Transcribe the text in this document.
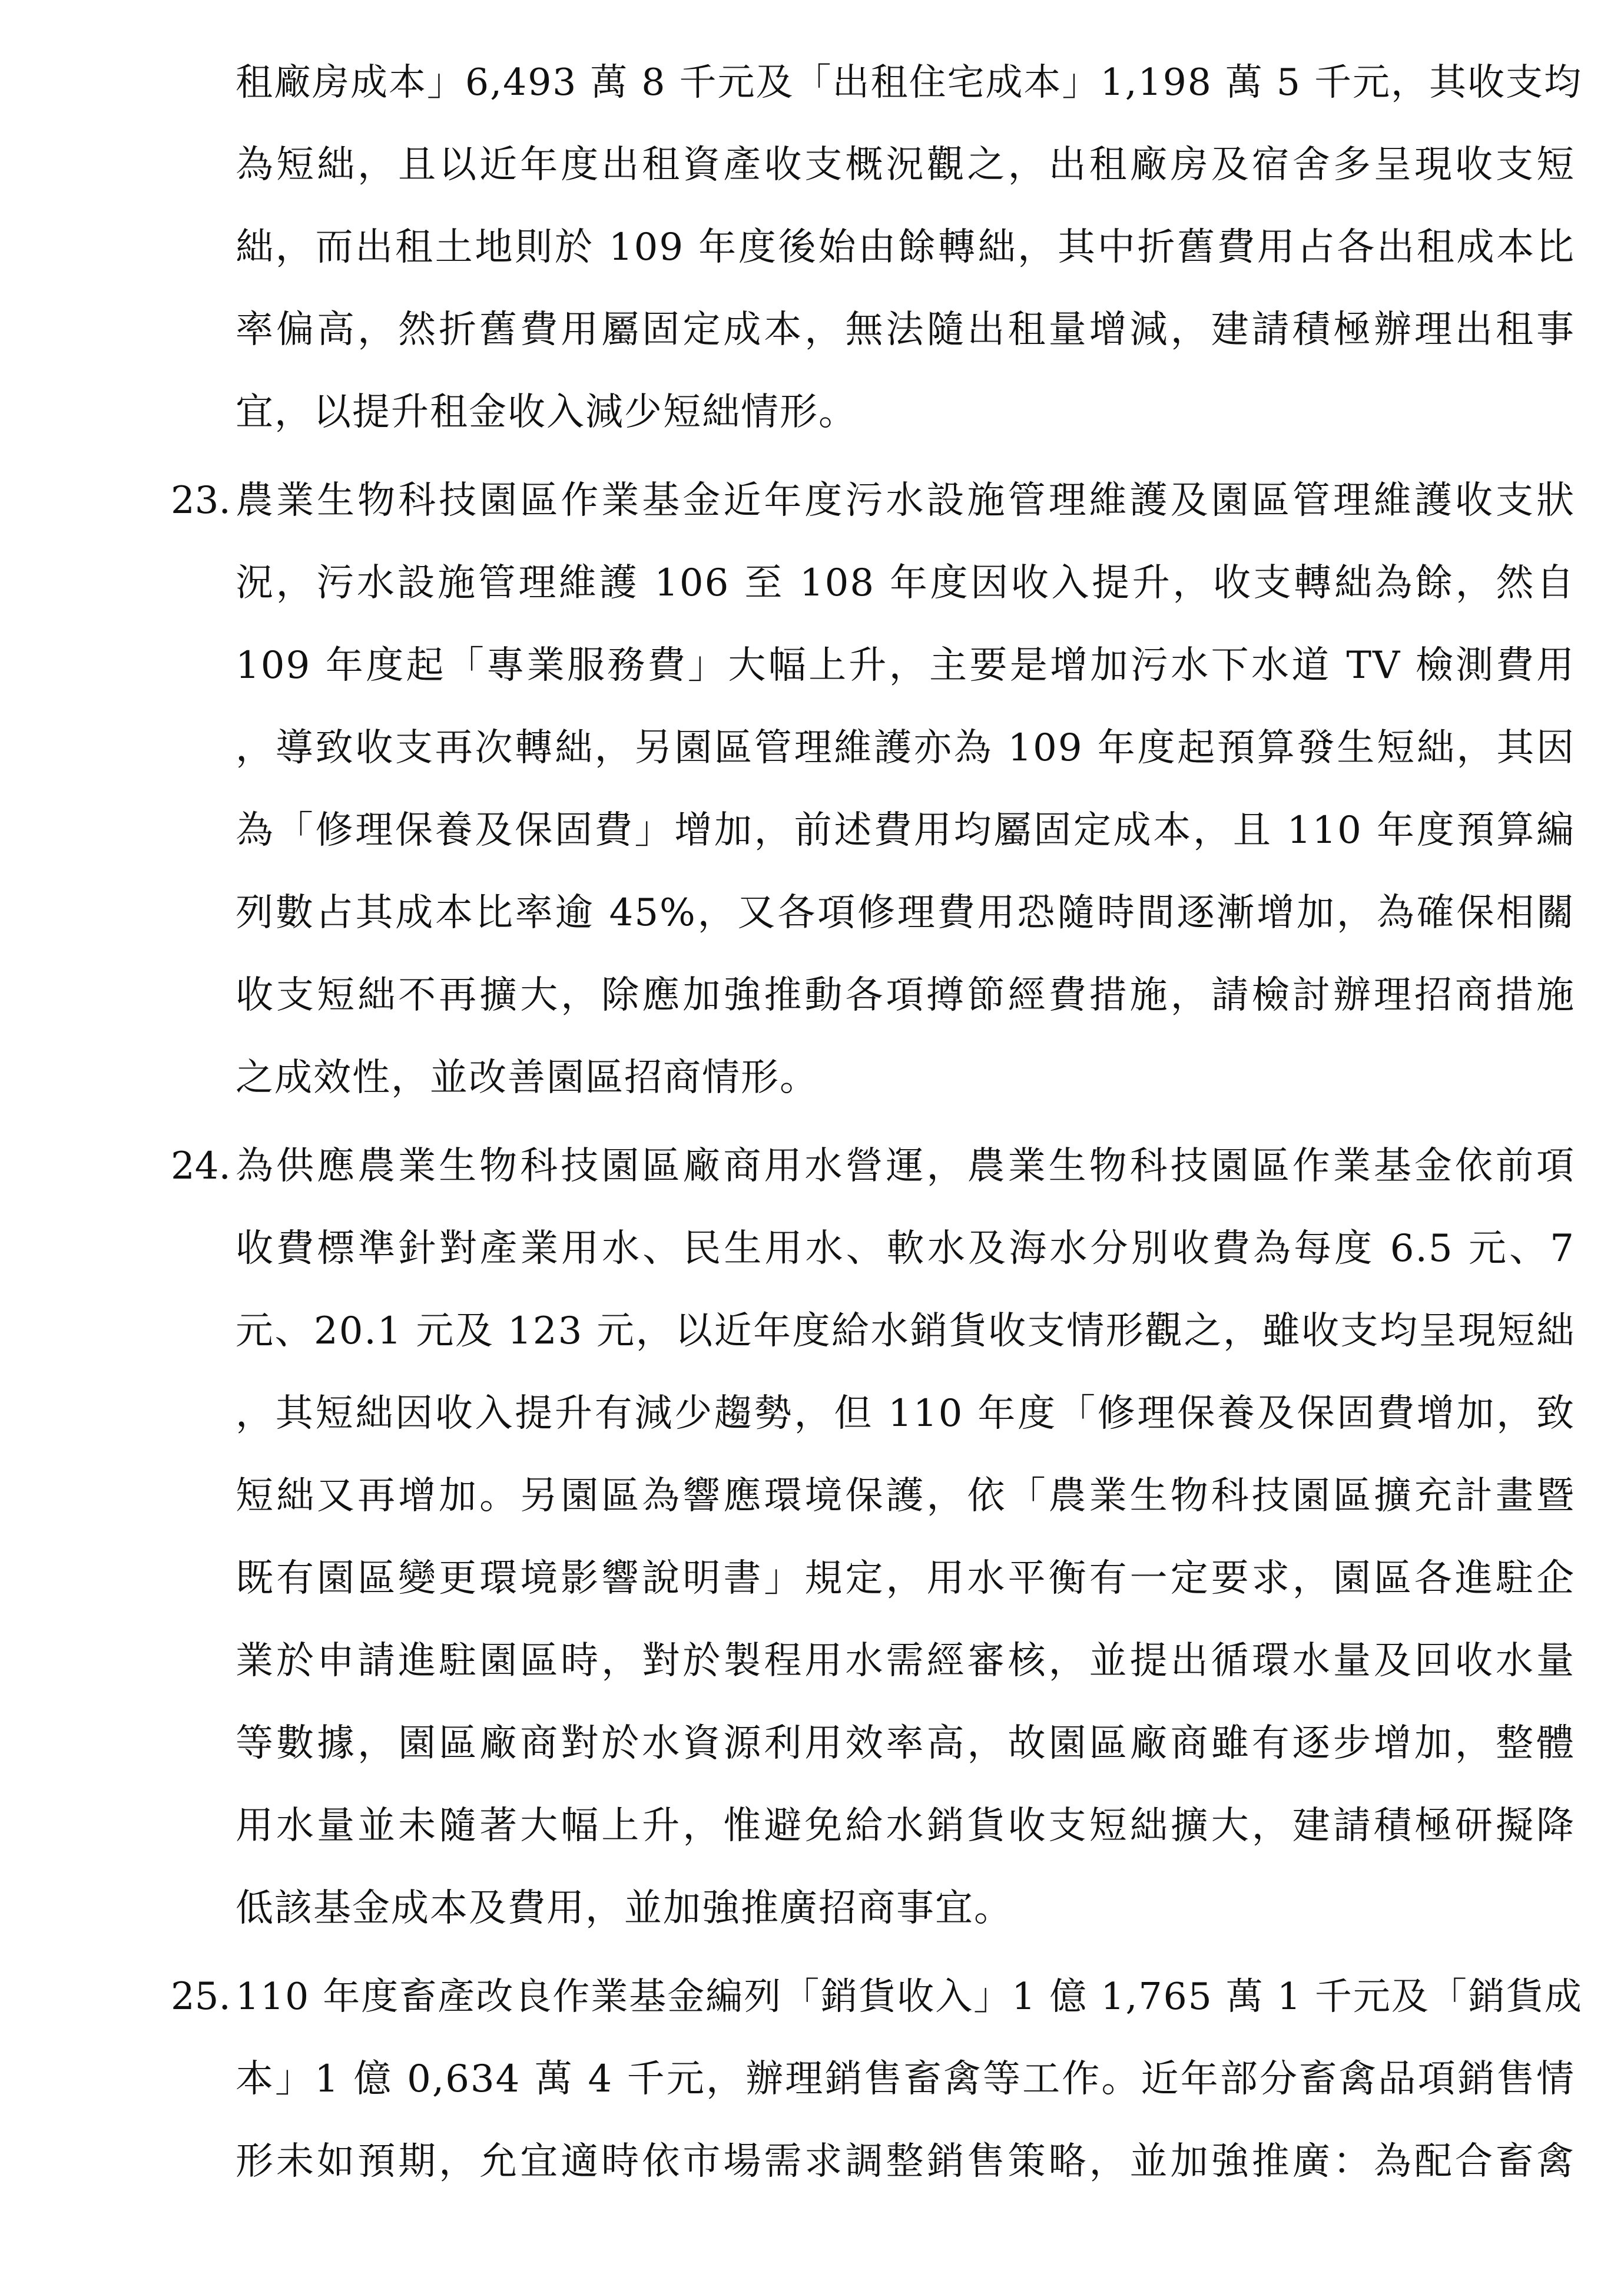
租廠房成本」6,493 萬 8 千元及「出租住宅成本」1,198 萬 5 千元，其收支均
為短絀，且以近年度出租資產收支概況觀之，出租廠房及宿舍多呈現收支短
絀，而出租土地則於 109 年度後始由餘轉絀，其中折舊費用占各出租成本比
率偏高，然折舊費用屬固定成本，無法隨出租量增減，建請積極辦理出租事
宜，以提升租金收入減少短絀情形。
23. 農業生物科技園區作業基金近年度污水設施管理維護及園區管理維護收支狀
況，污水設施管理維護 106 至 108 年度因收入提升，收支轉絀為餘，然自
109 年度起「專業服務費」大幅上升，主要是增加污水下水道 TV 檢測費用
，導致收支再次轉絀，另園區管理維護亦為 109 年度起預算發生短絀，其因
為「修理保養及保固費」增加，前述費用均屬固定成本，且 110 年度預算編
列數占其成本比率逾 45%，又各項修理費用恐隨時間逐漸增加，為確保相關
收支短絀不再擴大，除應加強推動各項撙節經費措施，請檢討辦理招商措施
之成效性，並改善園區招商情形。
24. 為供應農業生物科技園區廠商用水營運，農業生物科技園區作業基金依前項
收費標準針對產業用水、民生用水、軟水及海水分別收費為每度 6.5 元、7
元、20.1 元及 123 元，以近年度給水銷貨收支情形觀之，雖收支均呈現短絀
，其短絀因收入提升有減少趨勢，但 110 年度「修理保養及保固費增加，致
短絀又再增加。另園區為響應環境保護，依「農業生物科技園區擴充計畫暨
既有園區變更環境影響說明書」規定，用水平衡有一定要求，園區各進駐企
業於申請進駐園區時，對於製程用水需經審核，並提出循環水量及回收水量
等數據，園區廠商對於水資源利用效率高，故園區廠商雖有逐步增加，整體
用水量並未隨著大幅上升，惟避免給水銷貨收支短絀擴大，建請積極研擬降
低該基金成本及費用，並加強推廣招商事宜。
25. 110 年度畜產改良作業基金編列「銷貨收入」1 億 1,765 萬 1 千元及「銷貨成
本」1 億 0,634 萬 4 千元，辦理銷售畜禽等工作。近年部分畜禽品項銷售情
形未如預期，允宜適時依市場需求調整銷售策略，並加強推廣：為配合畜禽
